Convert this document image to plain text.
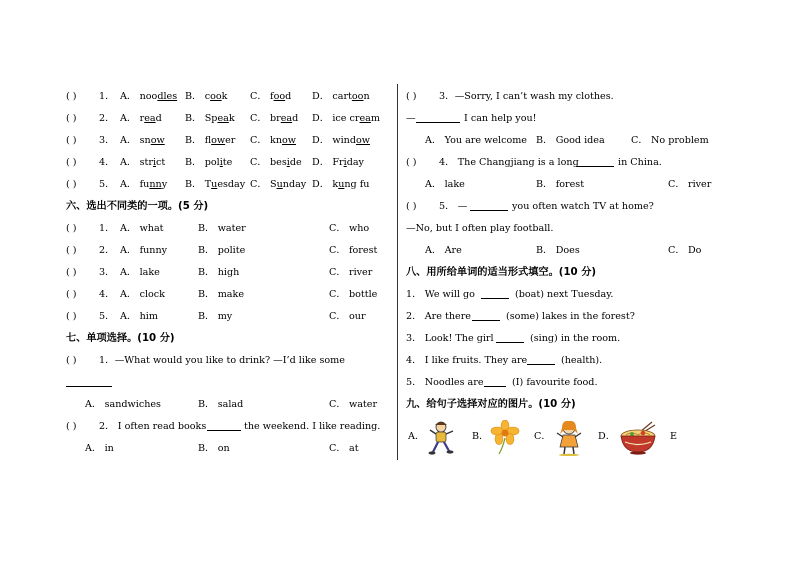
( ) 1． A． noodles B． cook C． food D． cartoon
( ) 2． A． read B． Speak C． bread D． ice cream
( ) 3． A． snow B． flower C． know D． window
( ) 4． A． strict B． polite C． beside D． Friday
( ) 5． A． funny B． Tuesday C． Sunday D． kung fu
六、选出不同类的一项。(5 分)
( ) 1． A． what	B． water	C． who
( ) 2． A． funny	B． polite	C． forest
( ) 3． A． lake	B． high	C． river
( ) 4． A． clock	B． make	C． bottle
( ) 5． A． him	B． my	C． our
七、单项选择。(10 分)
( ) 1．—What would you like to drink? —I’d like some
A． sandwiches	B． salad	C． water
( ) 2． I often read books	the weekend. I like reading.
A． in	B． on	C． at
( ) 3．—Sorry, I can’t wash my clothes.
—	I can help you!
A． You are welcome B． Good idea	C． No problem
( ) 4． The Changjiang is a long	in China.
A． lake	B． forest	C． river
( ) 5． —	you often watch TV at home?
—No, but I often play football.
A． Are	B． Does	C． Do
八、用所给单词的适当形式填空。(10 分)
1． We will go	(boat) next Tuesday.
2． Are there	(some) lakes in the forest?
3． Look! The girl	(sing) in the room.
4． I like fruits. They are	(health).
5． Noodles are	(I) favourite food.
九、给句子选择对应的图片。(10 分)
A．	B．	C．	D．	E
